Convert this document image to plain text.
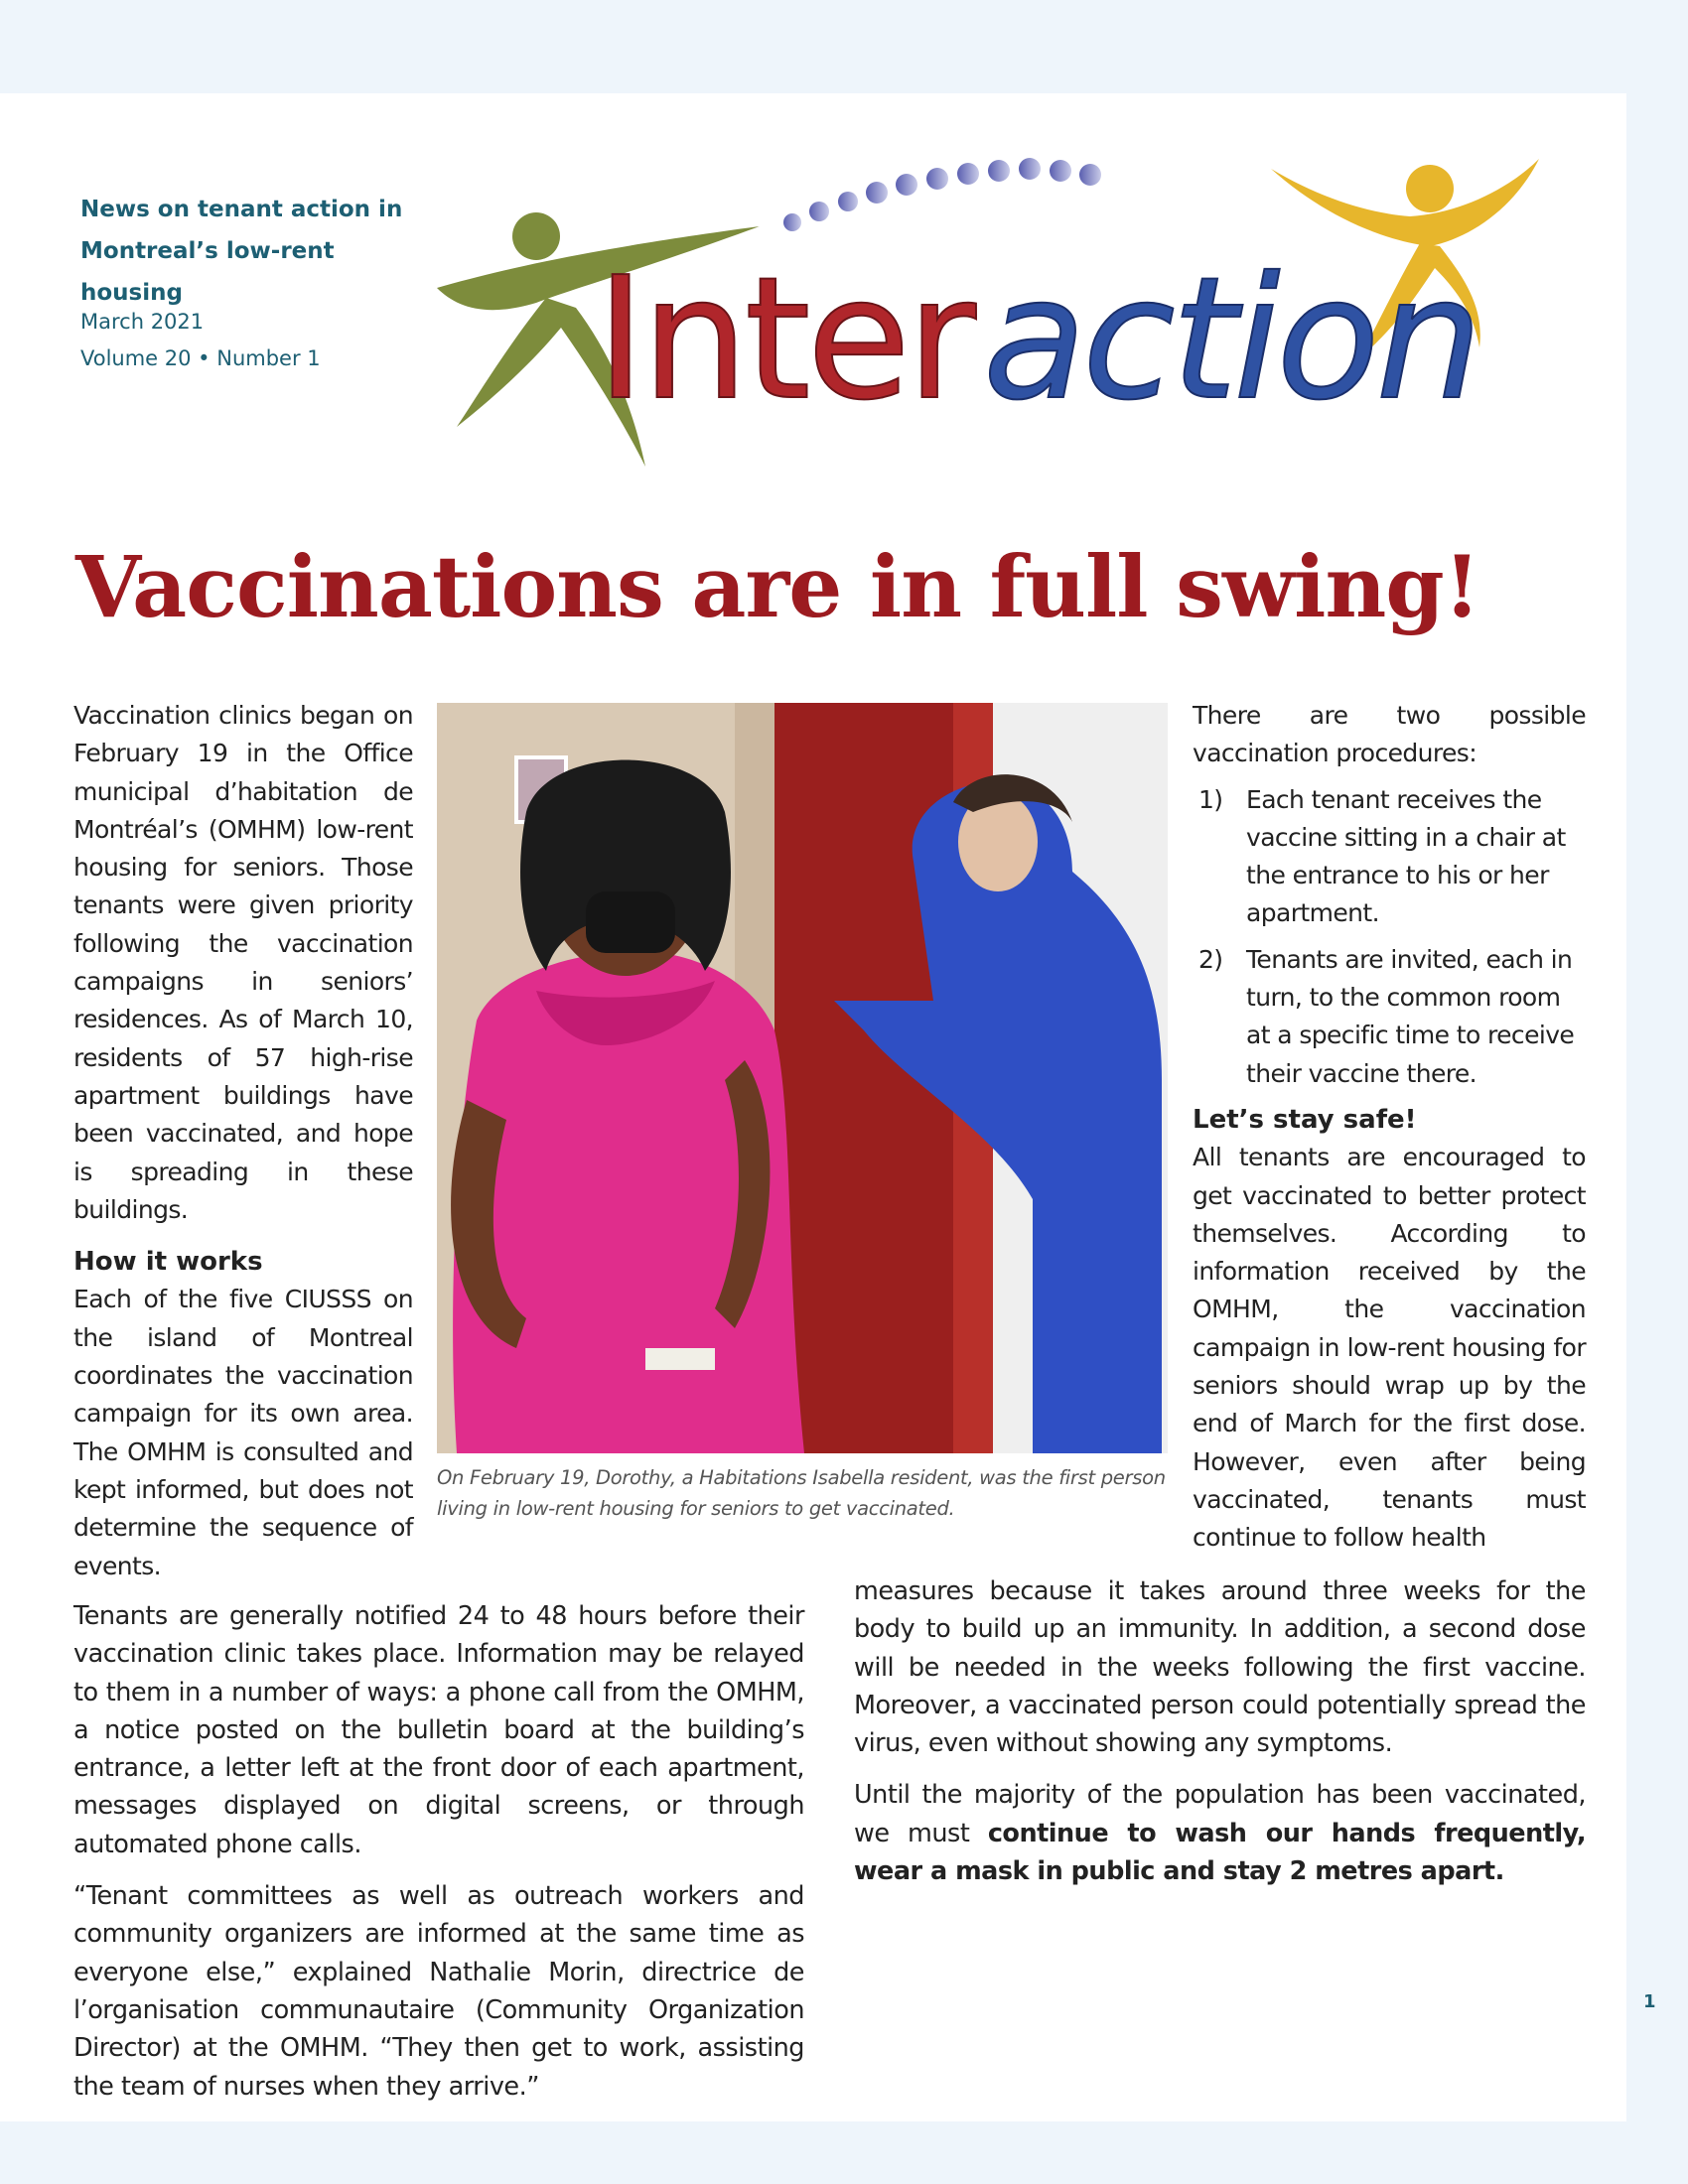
News on tenant action in
Montreal’s low-rent housing
March 2021
Volume 20 • Number 1 Inter action
Vaccinations are in full swing!

Vaccination clinics began on February 19 in the Office municipal d’habitation de Montréal’s (OMHM) low-rent housing for seniors. Those tenants were given priority following the vaccination campaigns in seniors’ residences. As of March 10, residents of 57 high-rise apartment buildings have been vaccinated, and hope is spreading in these buildings.

How it works

Each of the five CIUSSS on the island of Montreal coordinates the vaccination campaign for its own area. The OMHM is consulted and kept informed, but does not determine the sequence of events.

On February 19, Dorothy, a Habitations Isabella resident, was the first person living in low-rent housing for seniors to get vaccinated.

There are two possible vaccination procedures:

1) Each tenant receives the vaccine sitting in a chair at the entrance to his or her apartment.
2) Tenants are invited, each in turn, to the common room at a specific time to receive their vaccine there.
Let’s stay safe!

All tenants are encouraged to get vaccinated to better protect themselves. According to information received by the OMHM, the vaccination campaign in low-rent housing for seniors should wrap up by the end of March for the first dose. However, even after being vaccinated, tenants must continue to follow health

Tenants are generally notified 24 to 48 hours before their vaccination clinic takes place. Information may be relayed to them in a number of ways: a phone call from the OMHM, a notice posted on the bulletin board at the building’s entrance, a letter left at the front door of each apartment, messages displayed on digital screens, or through automated phone calls.

“Tenant committees as well as outreach workers and community organizers are informed at the same time as everyone else,” explained Nathalie Morin, directrice de l’organisation communautaire (Community Organization Director) at the OMHM. “They then get to work, assisting the team of nurses when they arrive.”

measures because it takes around three weeks for the body to build up an immunity. In addition, a second dose will be needed in the weeks following the first vaccine. Moreover, a vaccinated person could potentially spread the virus, even without showing any symptoms.

Until the majority of the population has been vaccinated, we must continue to wash our hands frequently, wear a mask in public and stay 2 metres apart.

1
